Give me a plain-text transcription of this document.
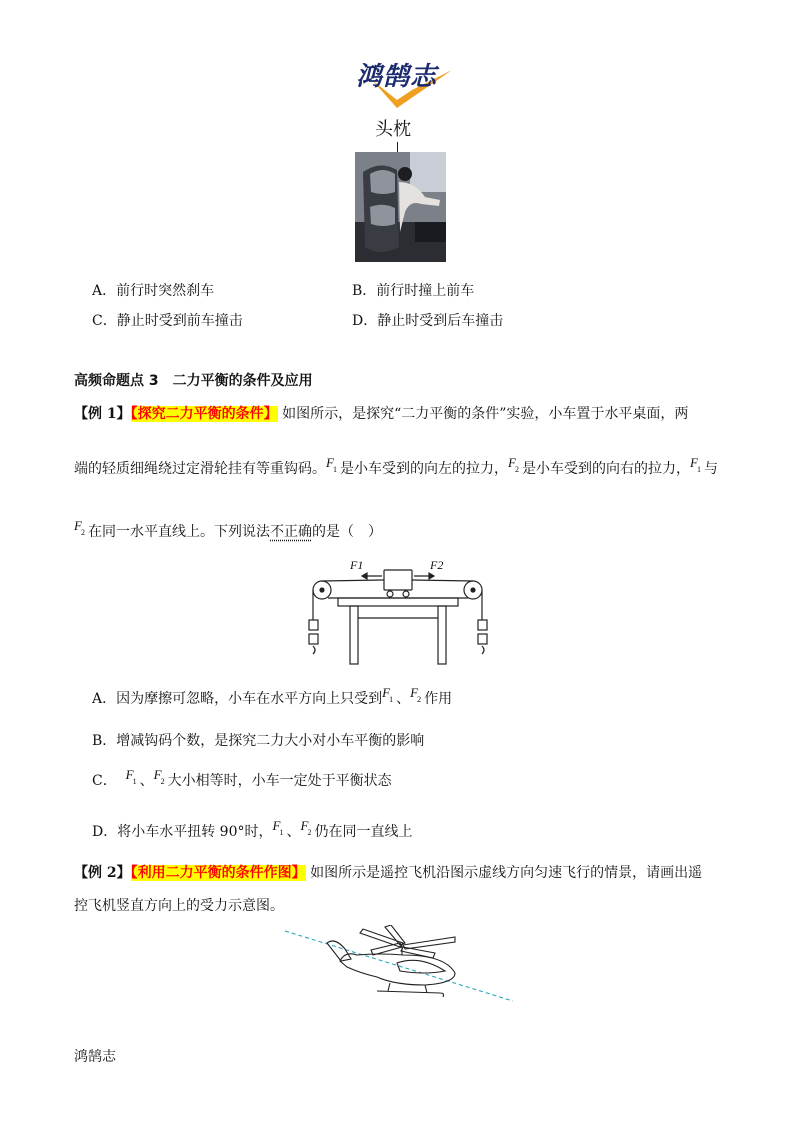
鸿鹄志
头枕
A．前行时突然刹车	B．前行时撞上前车
C．静止时受到前车撞击	D．静止时受到后车撞击
高频命题点 3　二力平衡的条件及应用
【例 1】【探究二力平衡的条件】 如图所示，是探究“二力平衡的条件”实验，小车置于水平桌面，两
端的轻质细绳绕过定滑轮挂有等重钩码。 F 1 是小车受到的向左的拉力， F 2 是小车受到的向右的拉力， F 1 与
F 2 在同一水平直线上。下列说法不正确的是（　）
F1	F2
A．因为摩擦可忽略，小车在水平方向上只受到 F 1 、 F 2 作用
B．增减钩码个数，是探究二力大小对小车平衡的影响
C． F 1 、 F 2 大小相等时，小车一定处于平衡状态
D．将小车水平扭转 90°时， F 1 、 F 2 仍在同一直线上
【例 2】【利用二力平衡的条件作图】 如图所示是遥控飞机沿图示虚线方向匀速飞行的情景，请画出遥
控飞机竖直方向上的受力示意图。
鸿鹄志
